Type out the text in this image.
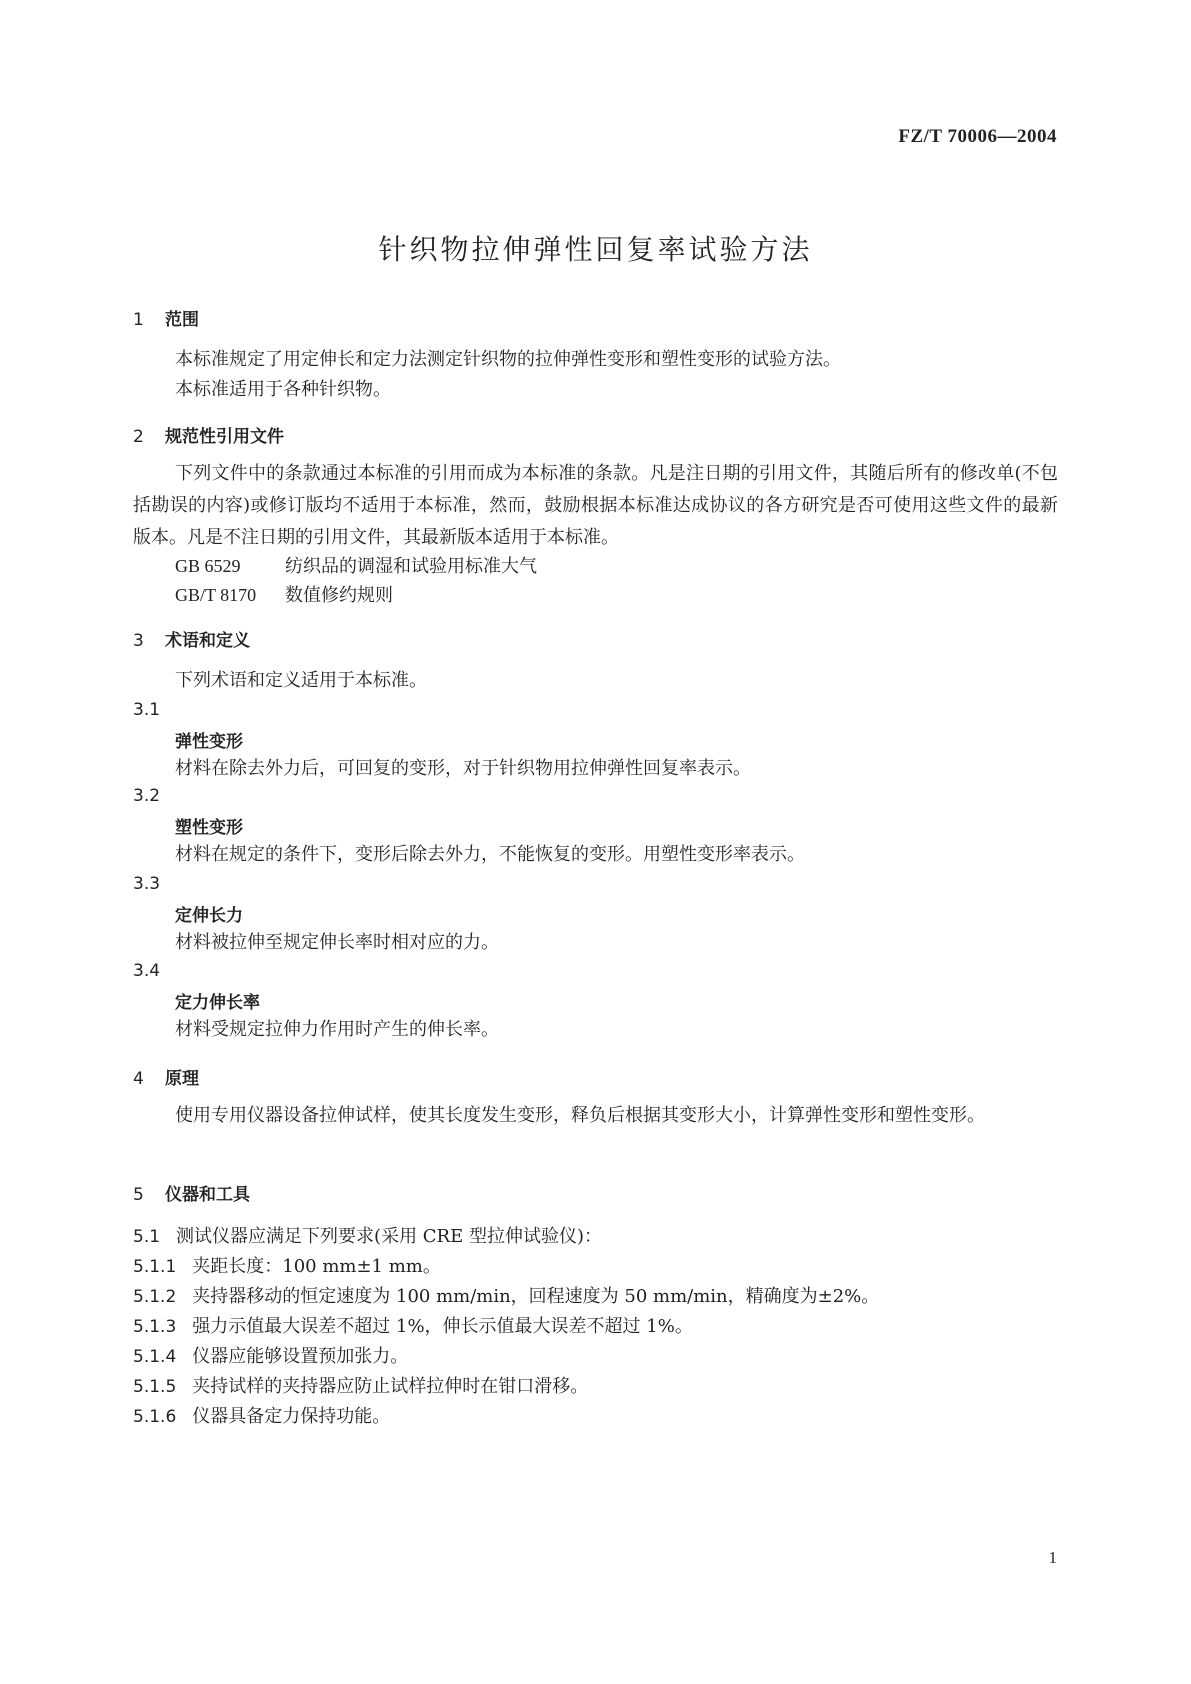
FZ/T 70006—2004
针织物拉伸弹性回复率试验方法
1 范围
本标准规定了用定伸长和定力法测定针织物的拉伸弹性变形和塑性变形的试验方法。
本标准适用于各种针织物。
2 规范性引用文件
下列文件中的条款通过本标准的引用而成为本标准的条款。凡是注日期的引用文件，其随后所有的修改单(不包括勘误的内容)或修订版均不适用于本标准，然而，鼓励根据本标准达成协议的各方研究是否可使用这些文件的最新版本。凡是不注日期的引用文件，其最新版本适用于本标准。
GB 6529 纺织品的调湿和试验用标准大气
GB/T 8170 数值修约规则
3 术语和定义
下列术语和定义适用于本标准。
3.1
弹性变形
材料在除去外力后，可回复的变形，对于针织物用拉伸弹性回复率表示。
3.2
塑性变形
材料在规定的条件下，变形后除去外力，不能恢复的变形。用塑性变形率表示。
3.3
定伸长力
材料被拉伸至规定伸长率时相对应的力。
3.4
定力伸长率
材料受规定拉伸力作用时产生的伸长率。
4 原理
使用专用仪器设备拉伸试样，使其长度发生变形，释负后根据其变形大小，计算弹性变形和塑性变形。
5 仪器和工具
5.1 测试仪器应满足下列要求(采用 CRE 型拉伸试验仪)：
5.1.1 夹距长度：100 mm±1 mm。
5.1.2 夹持器移动的恒定速度为 100 mm/min，回程速度为 50 mm/min，精确度为±2%。
5.1.3 强力示值最大误差不超过 1%，伸长示值最大误差不超过 1%。
5.1.4 仪器应能够设置预加张力。
5.1.5 夹持试样的夹持器应防止试样拉伸时在钳口滑移。
5.1.6 仪器具备定力保持功能。
1
